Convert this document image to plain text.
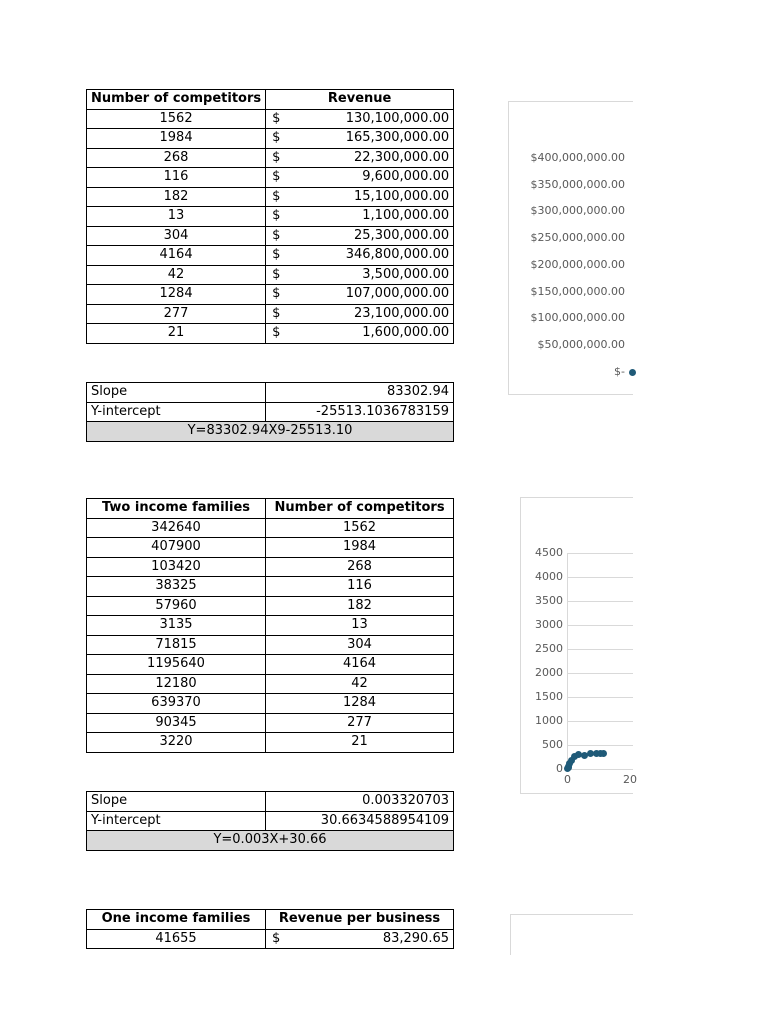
Number of competitors	Revenue
1562	$ 130,100,000.00
1984	$ 165,300,000.00
268	$ 22,300,000.00
116	$ 9,600,000.00
182	$ 15,100,000.00
13	$ 1,100,000.00
304	$ 25,300,000.00
4164	$ 346,800,000.00
42	$ 3,500,000.00
1284	$ 107,000,000.00
277	$ 23,100,000.00
21	$ 1,600,000.00
Slope	83302.94
Y-intercept	-25513.1036783159
Y=83302.94X9-25513.10	
Two income families	Number of competitors
342640	1562
407900	1984
103420	268
38325	116
57960	182
3135	13
71815	304
1195640	4164
12180	42
639370	1284
90345	277
3220	21
Slope	0.003320703
Y-intercept	30.6634588954109
Y=0.003X+30.66	
One income families	Revenue per business
41655	$ 83,290.65
$400,000,000.00
$350,000,000.00
$300,000,000.00
$250,000,000.00
$200,000,000.00
$150,000,000.00
$100,000,000.00
$50,000,000.00
$-
4500
4000
3500
3000
2500
2000
1500
1000
500
0
0	20
